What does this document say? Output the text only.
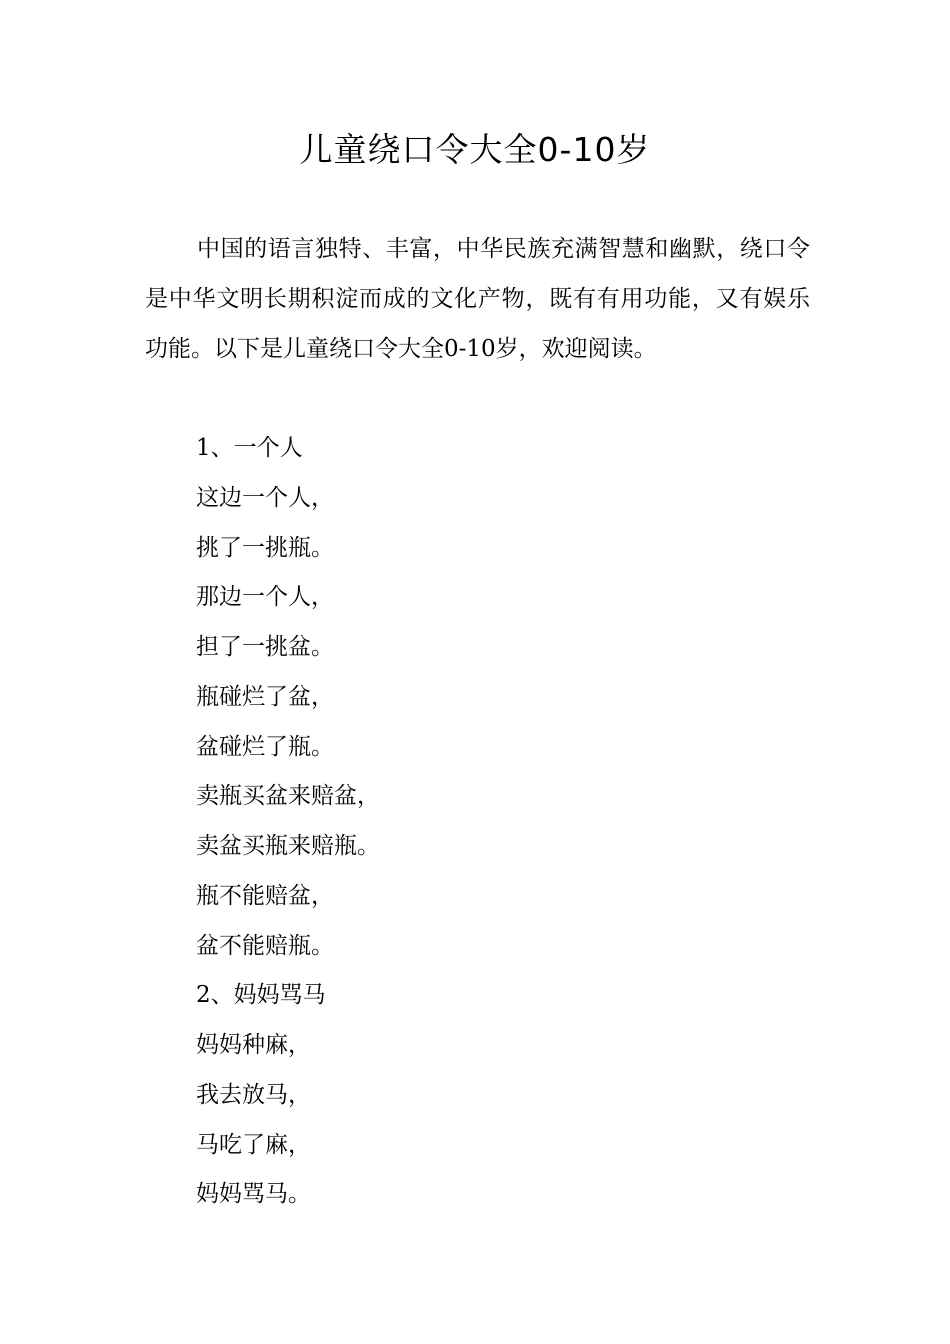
儿童绕口令大全0-10岁

中国的语言独特、丰富，中华民族充满智慧和幽默，绕口令是中华文明长期积淀而成的文化产物，既有有用功能，又有娱乐功能。以下是儿童绕口令大全0-10岁，欢迎阅读。

1、一个人
这边一个人，
挑了一挑瓶。
那边一个人，
担了一挑盆。
瓶碰烂了盆，
盆碰烂了瓶。
卖瓶买盆来赔盆，
卖盆买瓶来赔瓶。
瓶不能赔盆，
盆不能赔瓶。
2、妈妈骂马
妈妈种麻，
我去放马，
马吃了麻，
妈妈骂马。
